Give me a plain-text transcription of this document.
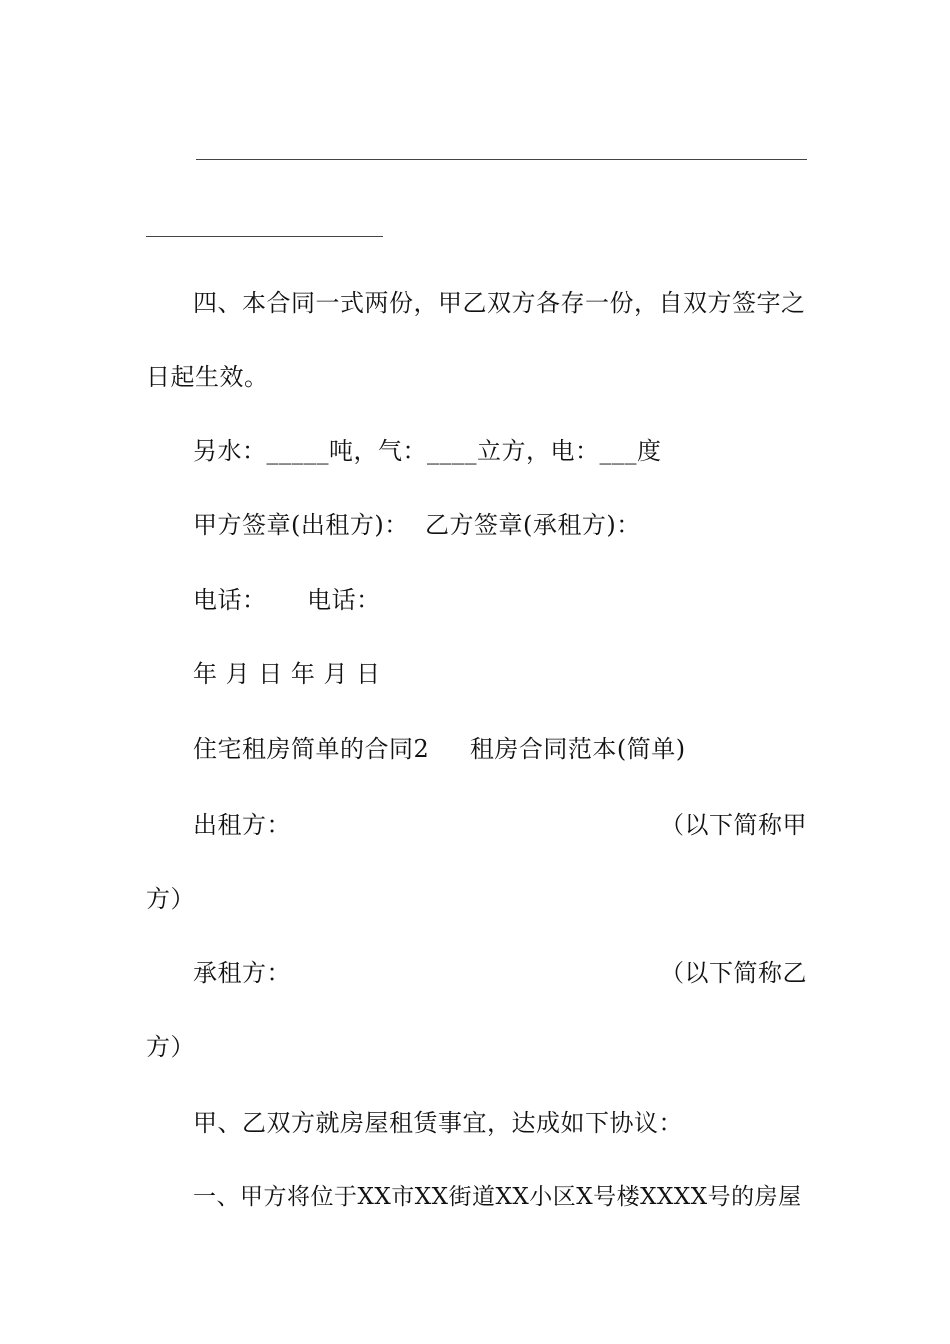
四、本合同一式两份，甲乙双方各存一份，自双方签字之
日起生效。
另水：_____吨，气：____立方，电：___度
甲方签章(出租方)：  乙方签章(承租方)：
电话：     电话：
年 月 日 年 月 日
住宅租房简单的合同2     租房合同范本(简单)
出租方：	（以下简称甲
方）
承租方：	（以下简称乙
方）
甲、乙双方就房屋租赁事宜，达成如下协议：
一、甲方将位于XX市XX街道XX小区X号楼XXXX号的房屋
